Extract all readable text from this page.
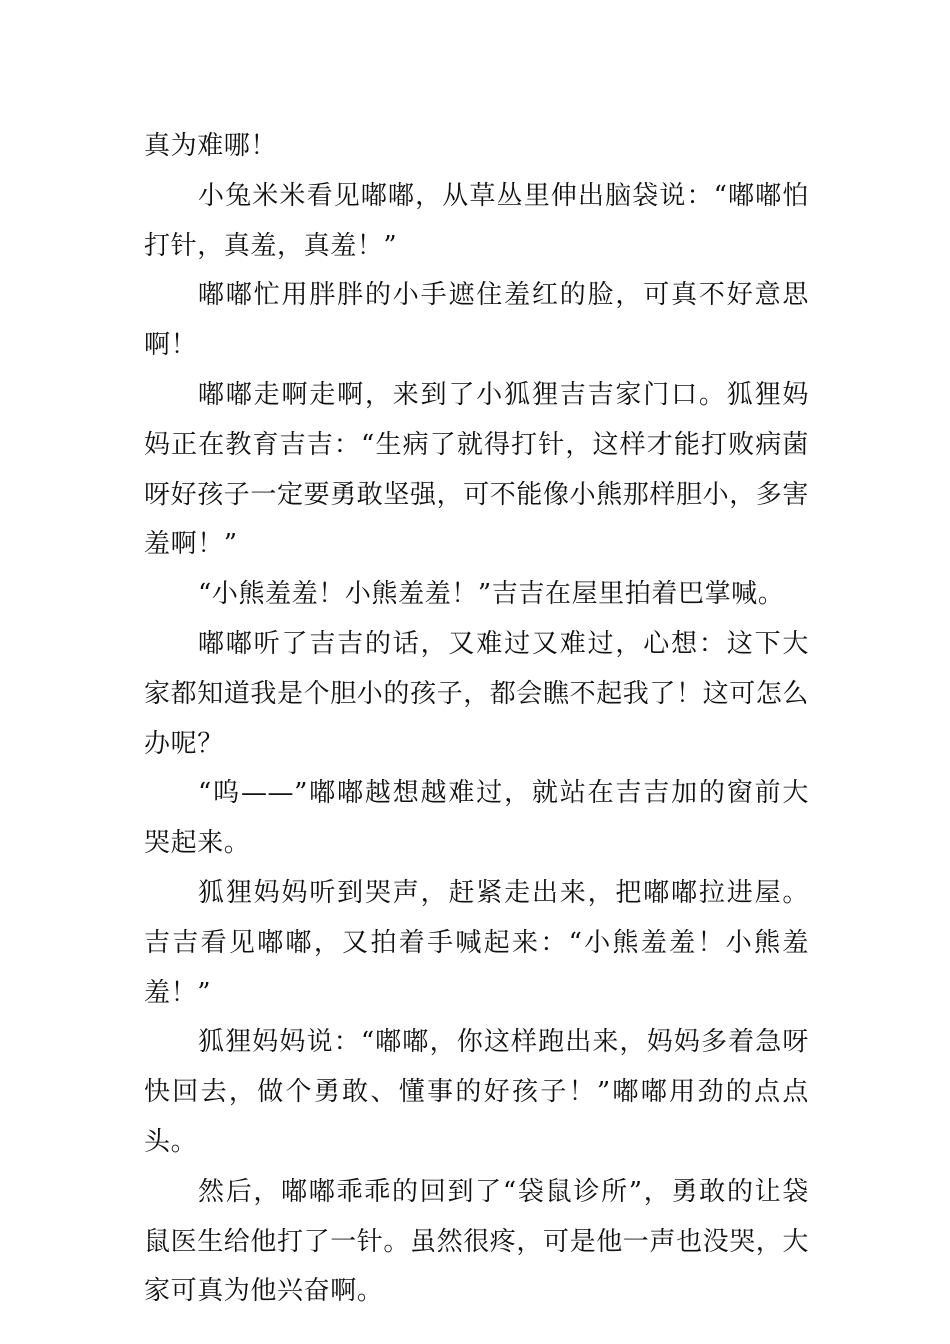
真为难哪！

小兔米米看见嘟嘟，从草丛里伸出脑袋说：“嘟嘟怕打针，真羞，真羞！”

嘟嘟忙用胖胖的小手遮住羞红的脸，可真不好意思啊！

嘟嘟走啊走啊，来到了小狐狸吉吉家门口。狐狸妈妈正在教育吉吉：“生病了就得打针，这样才能打败病菌呀好孩子一定要勇敢坚强，可不能像小熊那样胆小，多害羞啊！”

“小熊羞羞！小熊羞羞！”吉吉在屋里拍着巴掌喊。

嘟嘟听了吉吉的话，又难过又难过，心想：这下大家都知道我是个胆小的孩子，都会瞧不起我了！这可怎么办呢？

“呜——”嘟嘟越想越难过，就站在吉吉加的窗前大哭起来。

狐狸妈妈听到哭声，赶紧走出来，把嘟嘟拉进屋。吉吉看见嘟嘟，又拍着手喊起来：“小熊羞羞！小熊羞羞！”

狐狸妈妈说：“嘟嘟，你这样跑出来，妈妈多着急呀快回去，做个勇敢、懂事的好孩子！”嘟嘟用劲的点点头。

然后，嘟嘟乖乖的回到了“袋鼠诊所”，勇敢的让袋鼠医生给他打了一针。虽然很疼，可是他一声也没哭，大家可真为他兴奋啊。
